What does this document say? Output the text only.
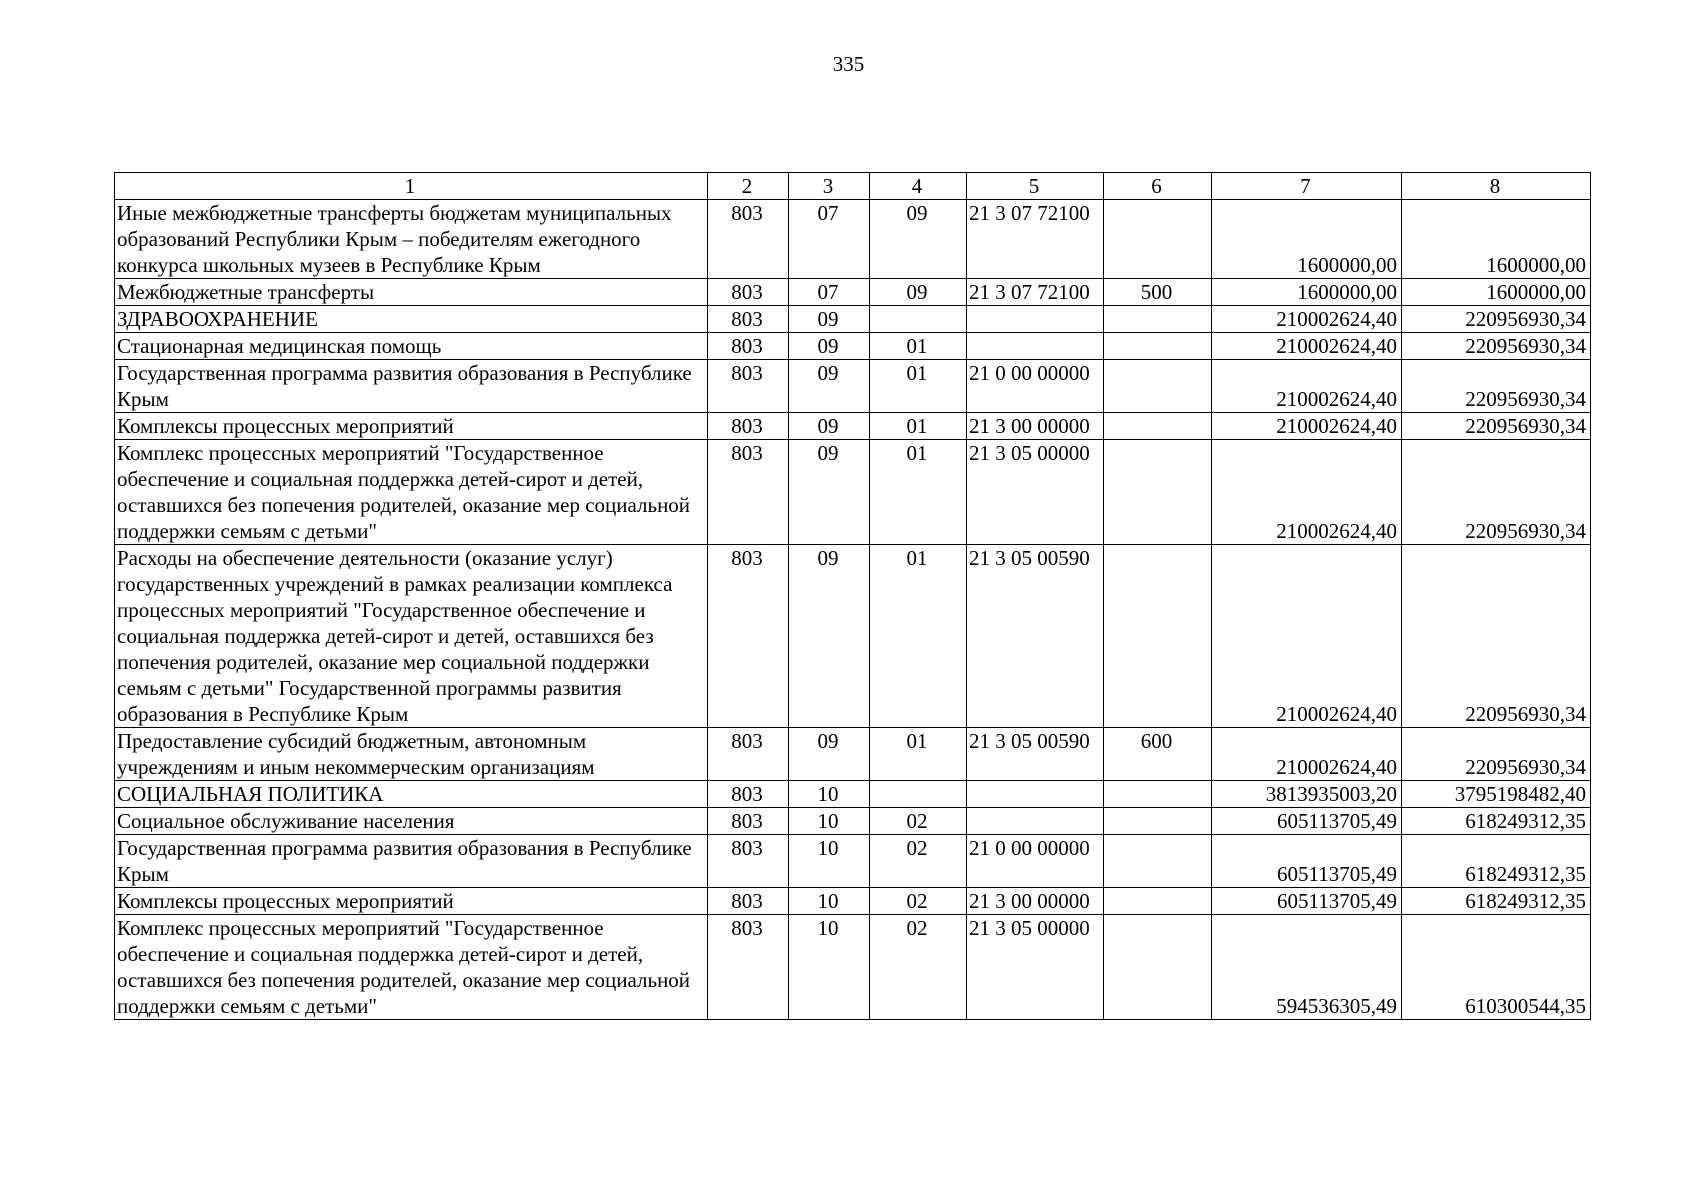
335
1	2	3	4	5	6	7	8
Иные межбюджетные трансферты бюджетам муниципальных образований Республики Крым – победителям ежегодного конкурса школьных музеев в Республике Крым	803	07	09	21 3 07 72100		1600000,00	1600000,00
Межбюджетные трансферты	803	07	09	21 3 07 72100	500	1600000,00	1600000,00
ЗДРАВООХРАНЕНИЕ	803	09				210002624,40	220956930,34
Стационарная медицинская помощь	803	09	01			210002624,40	220956930,34
Государственная программа развития образования в Республике Крым	803	09	01	21 0 00 00000		210002624,40	220956930,34
Комплексы процессных мероприятий	803	09	01	21 3 00 00000		210002624,40	220956930,34
Комплекс процессных мероприятий "Государственное обеспечение и социальная поддержка детей-сирот и детей, оставшихся без попечения родителей, оказание мер социальной поддержки семьям с детьми"	803	09	01	21 3 05 00000		210002624,40	220956930,34
Расходы на обеспечение деятельности (оказание услуг) государственных учреждений в рамках реализации комплекса процессных мероприятий "Государственное обеспечение и социальная поддержка детей-сирот и детей, оставшихся без попечения родителей, оказание мер социальной поддержки семьям с детьми" Государственной программы развития образования в Республике Крым	803	09	01	21 3 05 00590		210002624,40	220956930,34
Предоставление субсидий бюджетным, автономным учреждениям и иным некоммерческим организациям	803	09	01	21 3 05 00590	600	210002624,40	220956930,34
СОЦИАЛЬНАЯ ПОЛИТИКА	803	10				3813935003,20	3795198482,40
Социальное обслуживание населения	803	10	02			605113705,49	618249312,35
Государственная программа развития образования в Республике Крым	803	10	02	21 0 00 00000		605113705,49	618249312,35
Комплексы процессных мероприятий	803	10	02	21 3 00 00000		605113705,49	618249312,35
Комплекс процессных мероприятий "Государственное обеспечение и социальная поддержка детей-сирот и детей, оставшихся без попечения родителей, оказание мер социальной поддержки семьям с детьми"	803	10	02	21 3 05 00000		594536305,49	610300544,35
